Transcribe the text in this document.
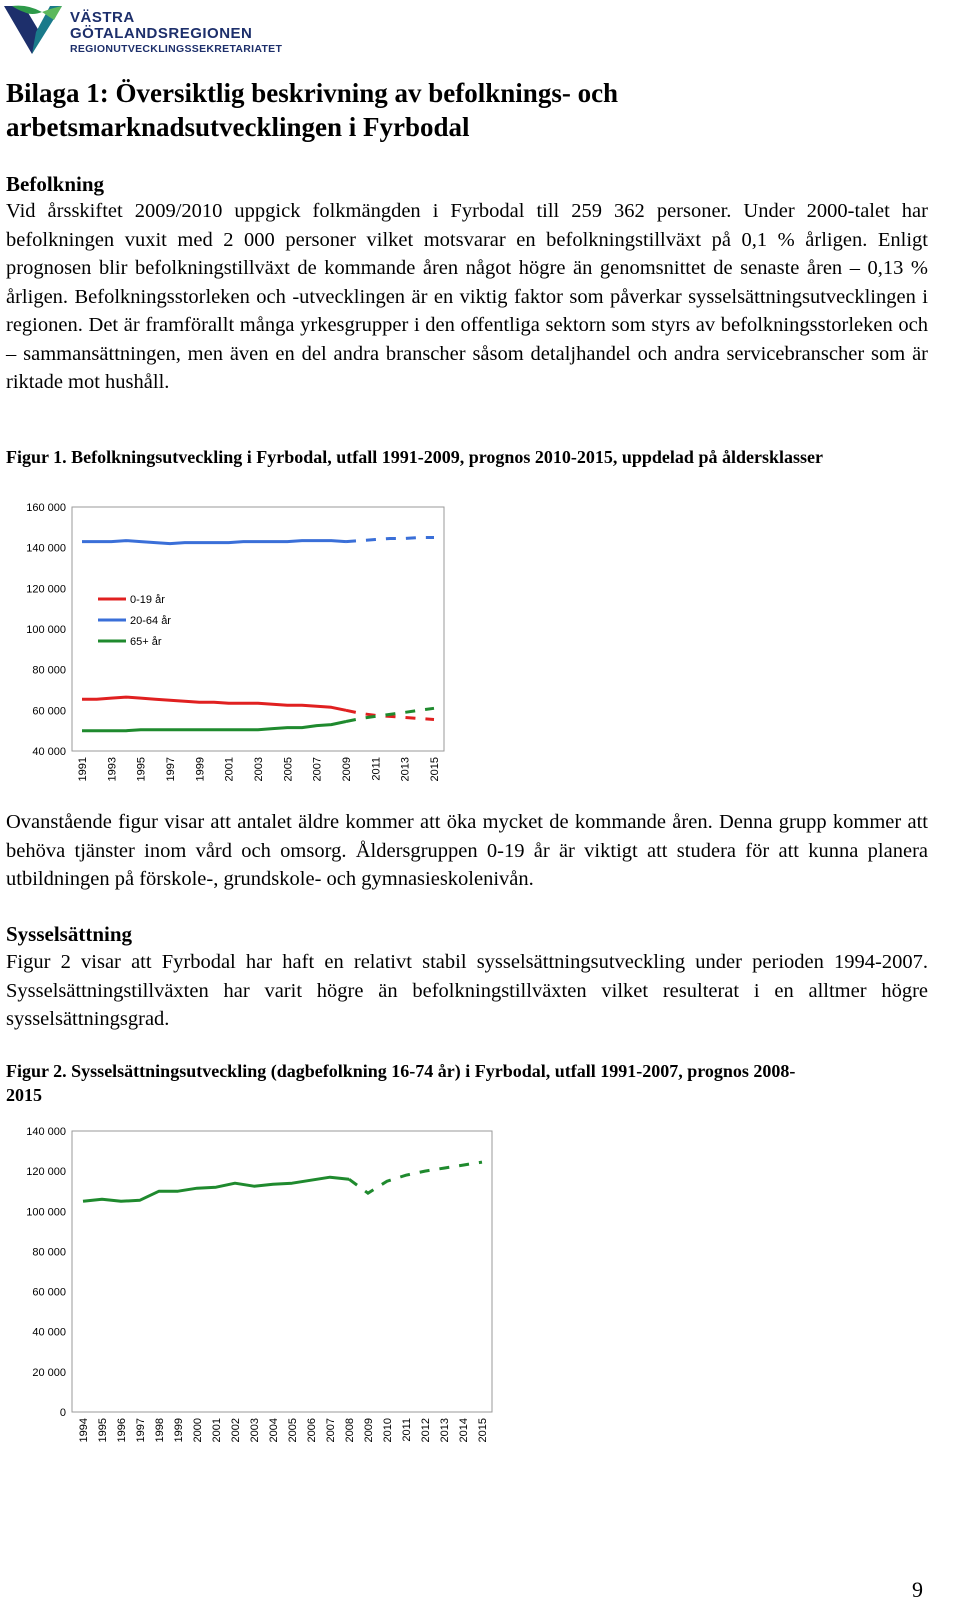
VÄSTRA
GÖTALANDSREGIONEN
REGIONUTVECKLINGSSEKRETARIATET
Bilaga 1: Översiktlig beskrivning av befolknings- och
arbetsmarknadsutvecklingen i Fyrbodal
Befolkning

Vid årsskiftet 2009/2010 uppgick folkmängden i Fyrbodal till 259 362 personer. Under 2000-talet har befolkningen vuxit med 2 000 personer vilket motsvarar en befolkningstillväxt på 0,1 % årligen. Enligt prognosen blir befolkningstillväxt de kommande åren något högre än genomsnittet de senaste åren – 0,13 % årligen. Befolkningsstorleken och -utvecklingen är en viktig faktor som påverkar sysselsättningsutvecklingen i regionen. Det är framförallt många yrkesgrupper i den offentliga sektorn som styrs av befolkningsstorleken och – sammansättningen, men även en del andra branscher såsom detaljhandel och andra servicebranscher som är riktade mot hushåll.

Figur 1. Befolkningsutveckling i Fyrbodal, utfall 1991-2009, prognos 2010-2015, uppdelad på åldersklasser

40 000
60 000
80 000
100 000
120 000
140 000
160 000
1991 1993 1995 1997 1999 2001 2003 2005 2007 2009 2011 2013 2015
0-19 år
20-64 år
65+ år

Ovanstående figur visar att antalet äldre kommer att öka mycket de kommande åren. Denna grupp kommer att behöva tjänster inom vård och omsorg. Åldersgruppen 0-19 år är viktigt att studera för att kunna planera utbildningen på förskole-, grundskole- och gymnasieskolenivån.

Sysselsättning

Figur 2 visar att Fyrbodal har haft en relativt stabil sysselsättningsutveckling under perioden 1994-2007. Sysselsättningstillväxten har varit högre än befolkningstillväxten vilket resulterat i en alltmer högre sysselsättningsgrad.

Figur 2. Sysselsättningsutveckling (dagbefolkning 16-74 år) i Fyrbodal, utfall 1991-2007, prognos 2008-
2015

0
20 000
40 000
60 000
80 000
100 000
120 000
140 000
1994 1995 1996 1997 1998 1999 2000 2001 2002 2003 2004 2005 2006 2007 2008 2009 2010 2011 2012 2013 2014 2015
9
